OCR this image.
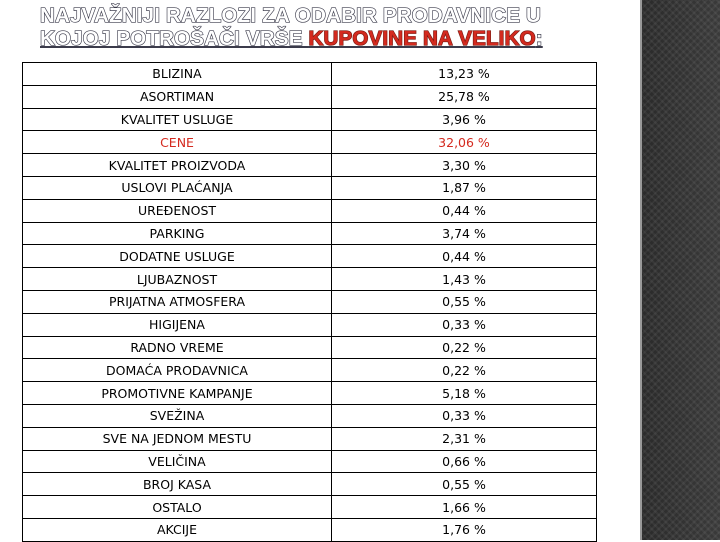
NAJVAŽNIJI RAZLOZI ZA ODABIR PRODAVNICE U
KOJOJ POTROŠAČI VRŠE KUPOVINE NA VELIKO:
BLIZINA	13,23 %
ASORTIMAN	25,78 %
KVALITET USLUGE	3,96 %
CENE	32,06 %
KVALITET PROIZVODA	3,30 %
USLOVI PLAĆANJA	1,87 %
UREĐENOST	0,44 %
PARKING	3,74 %
DODATNE USLUGE	0,44 %
LJUBAZNOST	1,43 %
PRIJATNA ATMOSFERA	0,55 %
HIGIJENA	0,33 %
RADNO VREME	0,22 %
DOMAĆA PRODAVNICA	0,22 %
PROMOTIVNE KAMPANJE	5,18 %
SVEŽINA	0,33 %
SVE NA JEDNOM MESTU	2,31 %
VELIČINA	0,66 %
BROJ KASA	0,55 %
OSTALO	1,66 %
AKCIJE	1,76 %
